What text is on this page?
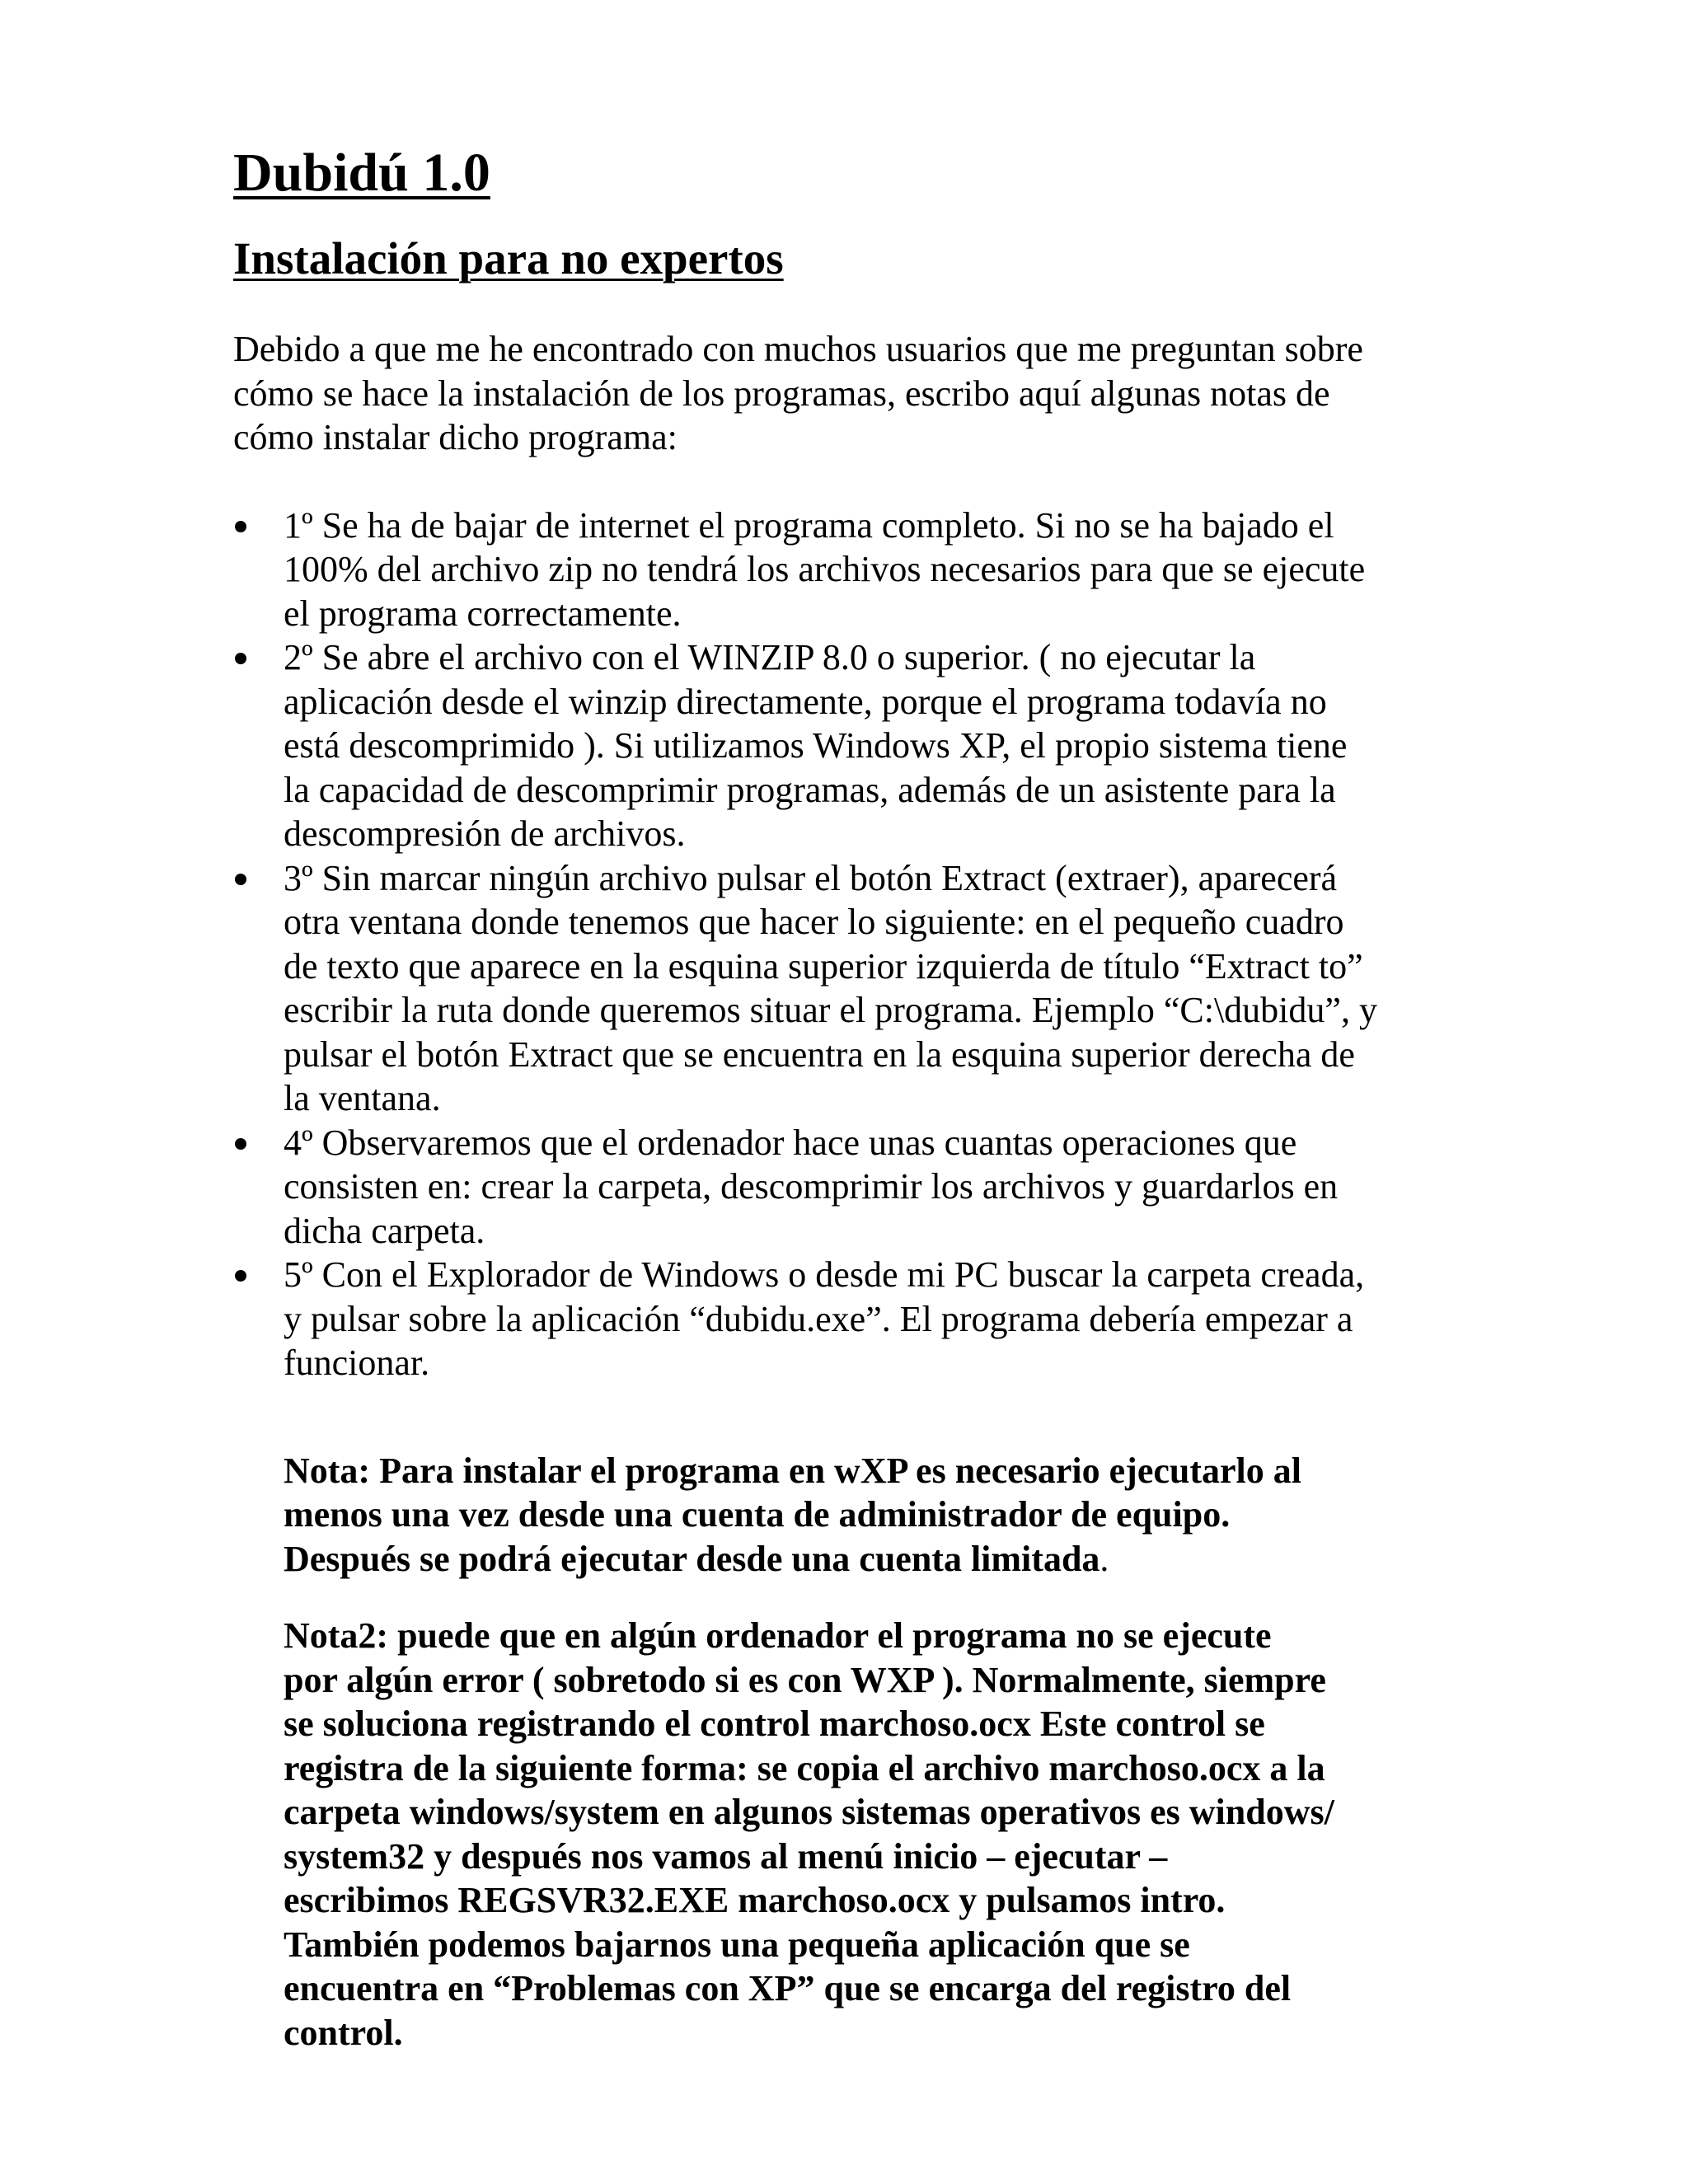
Dubidú 1.0
Instalación para no expertos

Debido a que me he encontrado con muchos usuarios que me preguntan sobre
cómo se hace la instalación de los programas, escribo aquí algunas notas de
cómo instalar dicho programa:

1º Se ha de bajar de internet el programa completo. Si no se ha bajado el
100% del archivo zip no tendrá los archivos necesarios para que se ejecute
el programa correctamente.
2º Se abre el archivo con el WINZIP 8.0 o superior. ( no ejecutar la
aplicación desde el winzip directamente, porque el programa todavía no
está descomprimido ). Si utilizamos Windows XP, el propio sistema tiene
la capacidad de descomprimir programas, además de un asistente para la
descompresión de archivos.
3º Sin marcar ningún archivo pulsar el botón Extract (extraer), aparecerá
otra ventana donde tenemos que hacer lo siguiente: en el pequeño cuadro
de texto que aparece en la esquina superior izquierda de título “Extract to”
escribir la ruta donde queremos situar el programa. Ejemplo “C:\dubidu”, y
pulsar el botón Extract que se encuentra en la esquina superior derecha de
la ventana.
4º Observaremos que el ordenador hace unas cuantas operaciones que
consisten en: crear la carpeta, descomprimir los archivos y guardarlos en
dicha carpeta.
5º Con el Explorador de Windows o desde mi PC buscar la carpeta creada,
y pulsar sobre la aplicación “dubidu.exe”. El programa debería empezar a
funcionar.

Nota: Para instalar el programa en wXP es necesario ejecutarlo al
menos una vez desde una cuenta de administrador de equipo.
Después se podrá ejecutar desde una cuenta limitada.

Nota2: puede que en algún ordenador el programa no se ejecute
por algún error ( sobretodo si es con WXP ). Normalmente, siempre
se soluciona registrando el control marchoso.ocx Este control se
registra de la siguiente forma: se copia el archivo marchoso.ocx a la
carpeta windows/system en algunos sistemas operativos es windows/
system32 y después nos vamos al menú inicio – ejecutar –
escribimos REGSVR32.EXE marchoso.ocx y pulsamos intro.
También podemos bajarnos una pequeña aplicación que se
encuentra en “Problemas con XP” que se encarga del registro del
control.
